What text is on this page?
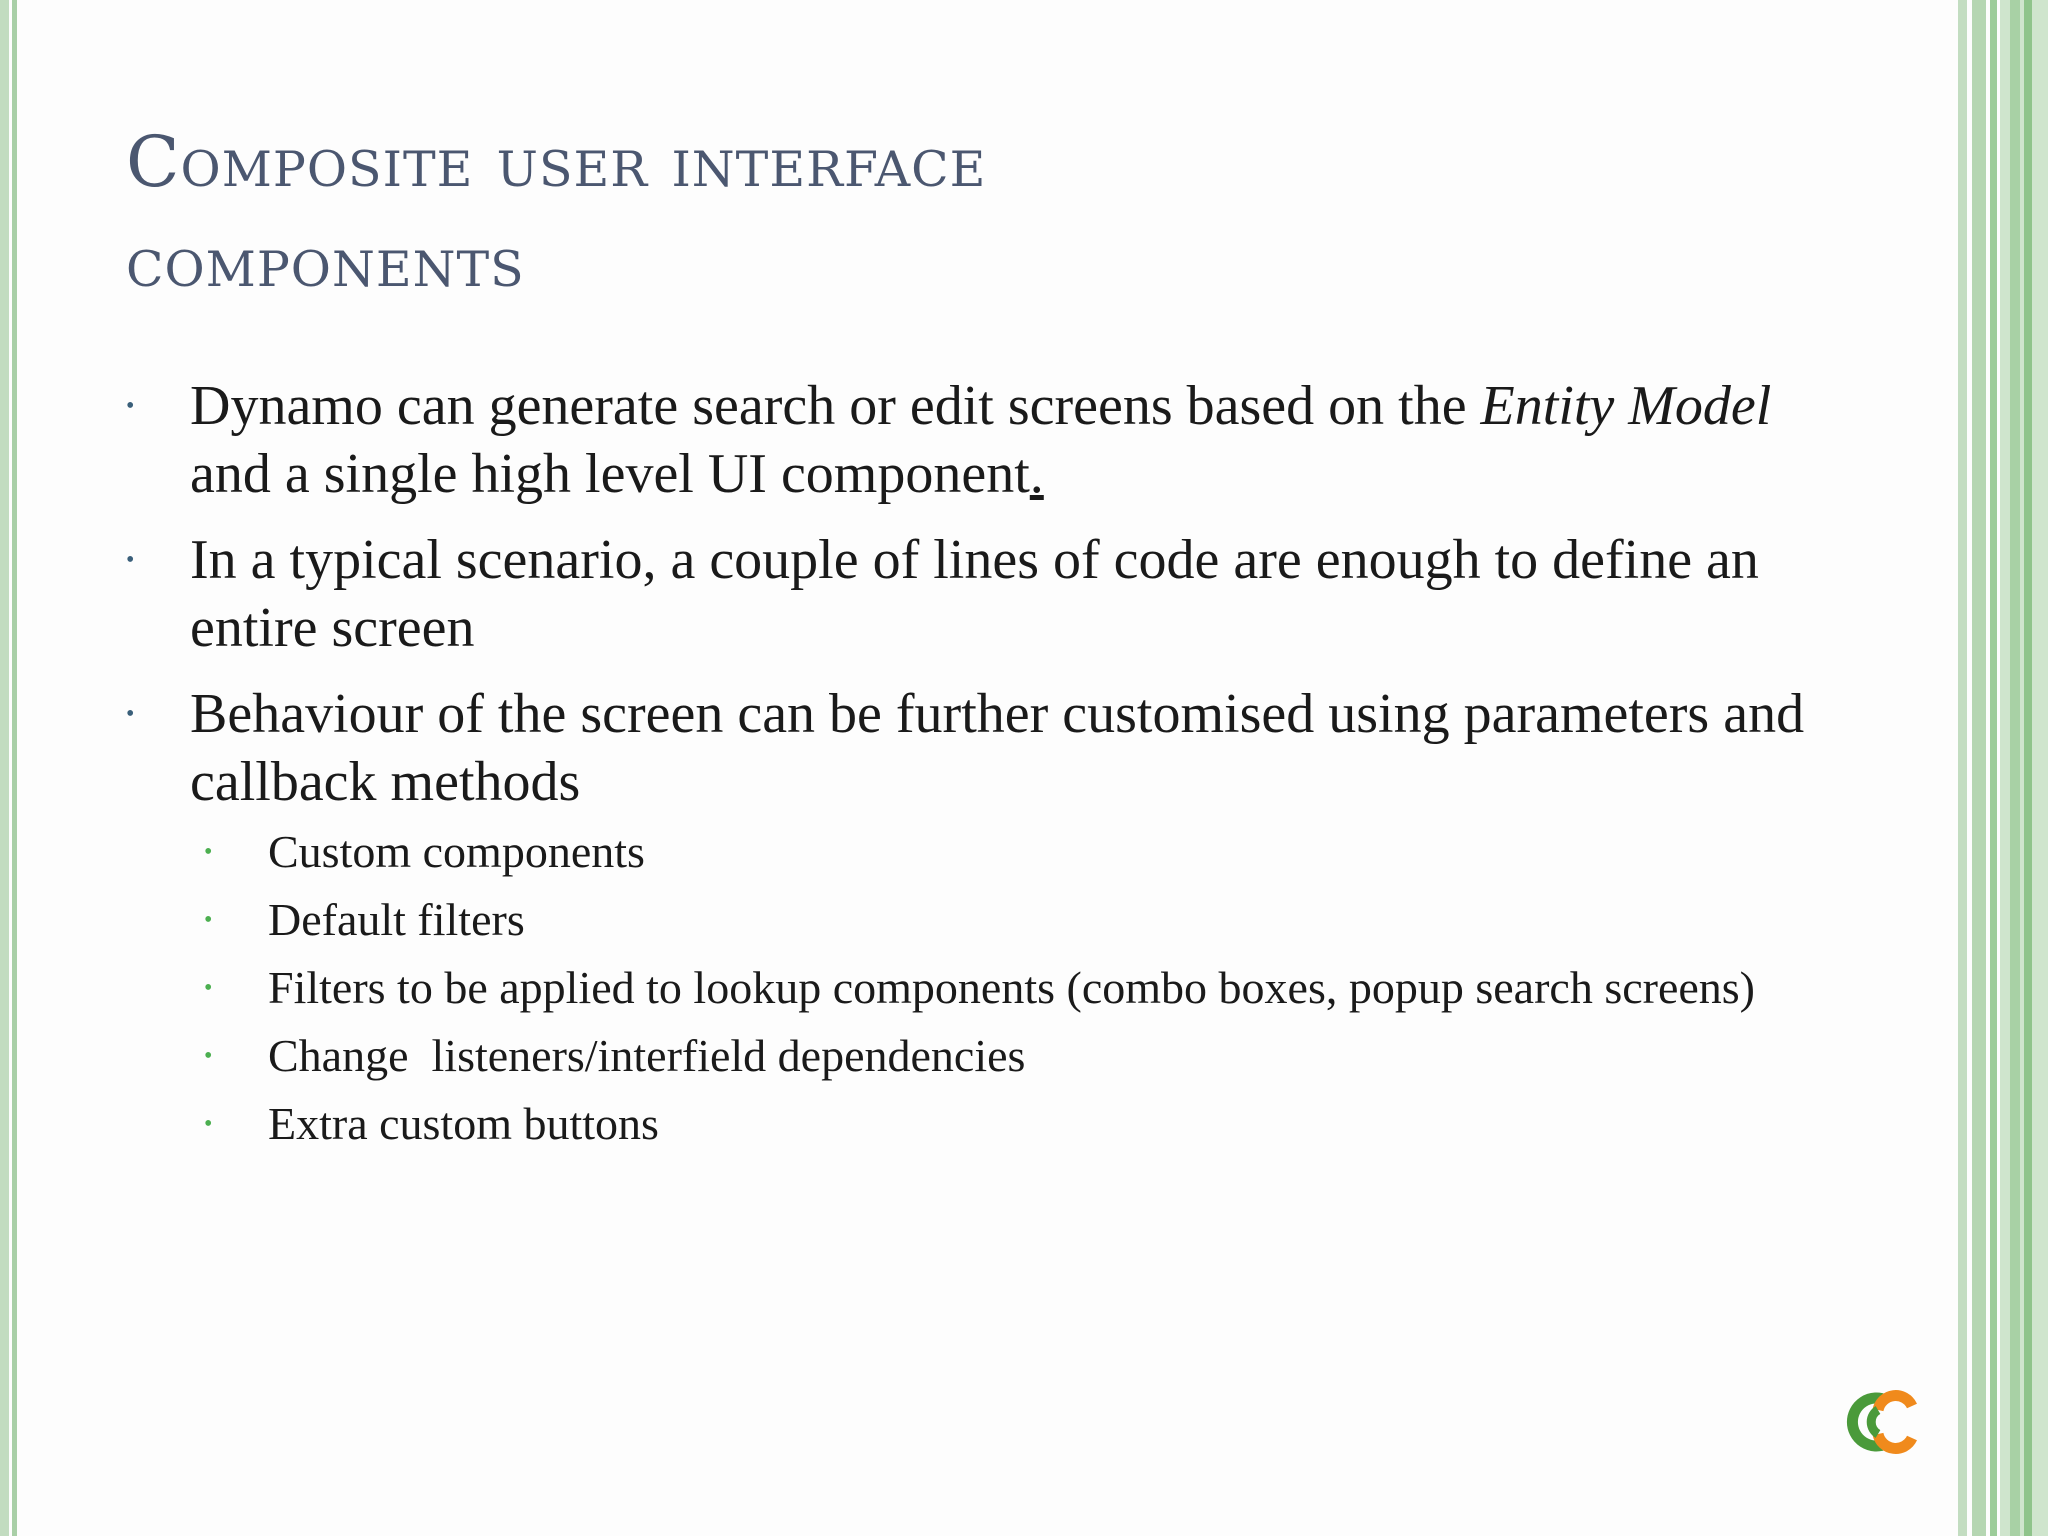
Composite user interface
components
• Dynamo can generate search or edit screens based on the Entity Model and a single high level UI component.
• In a typical scenario, a couple of lines of code are enough to define an entire screen
• Behaviour of the screen can be further customised using parameters and callback methods
• Custom components
• Default filters
• Filters to be applied to lookup components (combo boxes, popup search screens)
• Change  listeners/interfield dependencies
• Extra custom buttons
